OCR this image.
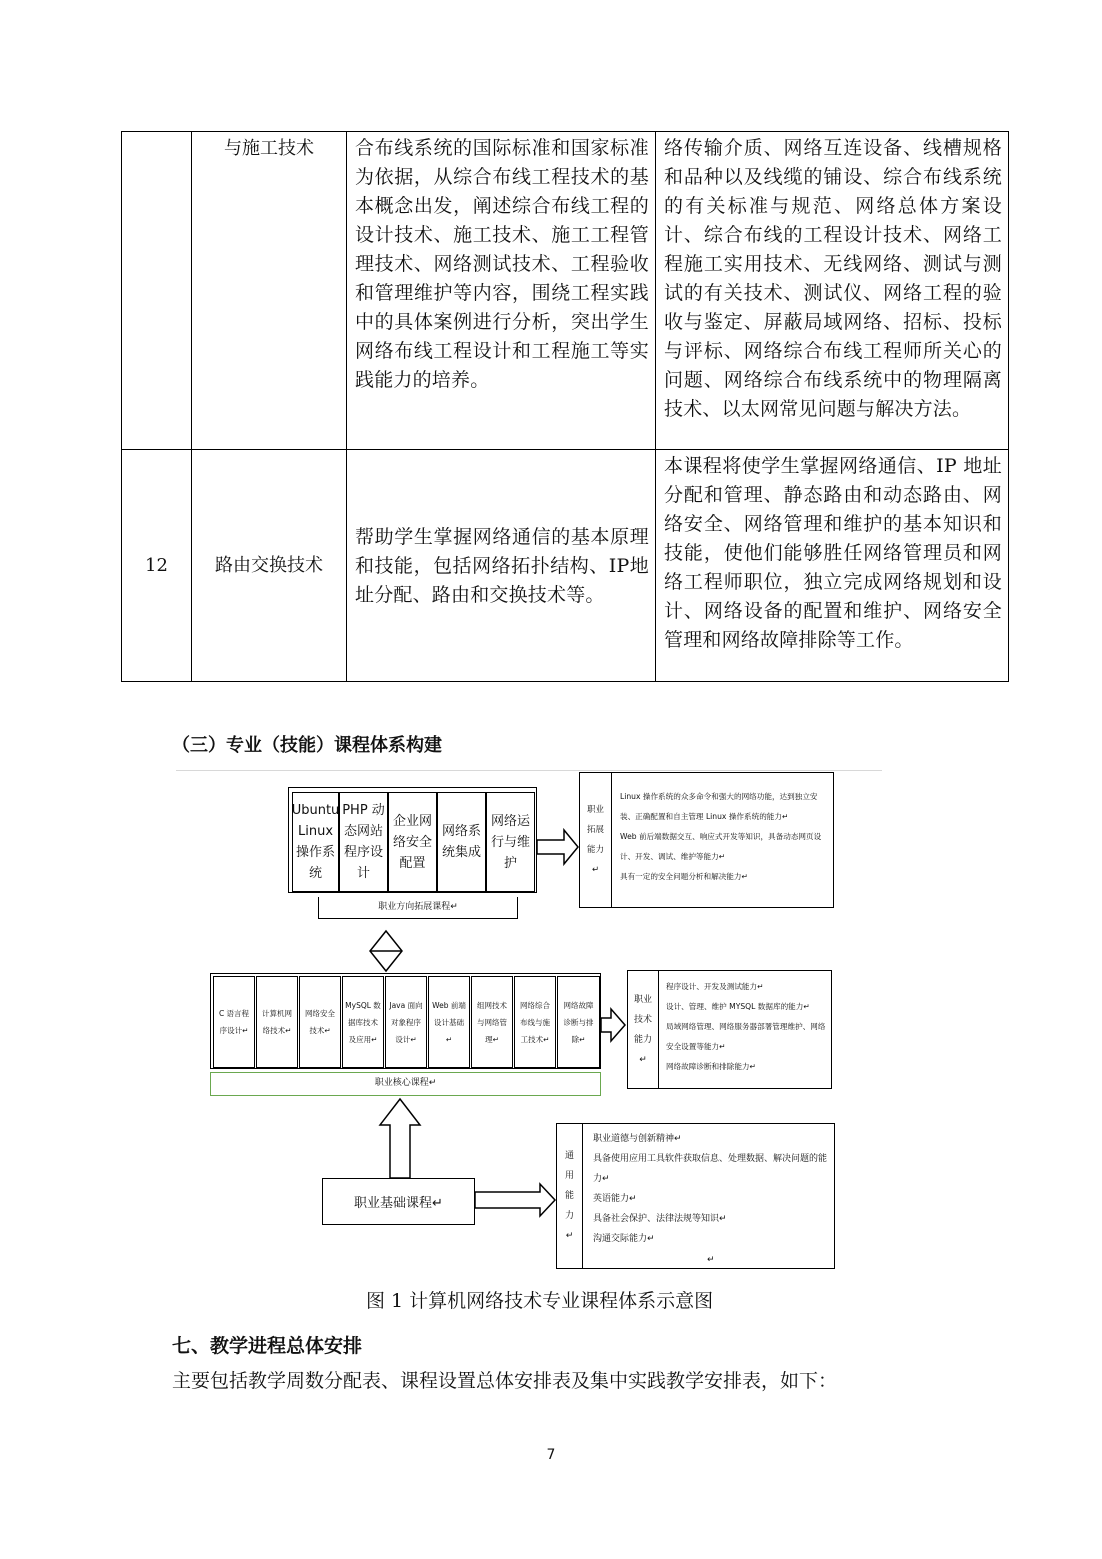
	与施工技术	合布线系统的国际标准和国家标准为依据，从综合布线工程技术的基本概念出发，阐述综合布线工程的设计技术、施工技术、施工工程管理技术、网络测试技术、工程验收和管理维护等内容，围绕工程实践中的具体案例进行分析，突出学生网络布线工程设计和工程施工等实践能力的培养。	络传输介质、网络互连设备、线槽规格和品种以及线缆的铺设、综合布线系统的有关标准与规范、网络总体方案设计、综合布线的工程设计技术、网络工程施工实用技术、无线网络、测试与测试的有关技术、测试仪、网络工程的验收与鉴定、屏蔽局域网络、招标、投标与评标、网络综合布线工程师所关心的问题、网络综合布线系统中的物理隔离技术、以太网常见问题与解决方法。
12	路由交换技术	帮助学生掌握网络通信的基本原理和技能，包括网络拓扑结构、IP地址分配、路由和交换技术等。	本课程将使学生掌握网络通信、IP 地址分配和管理、静态路由和动态路由、网络安全、网络管理和维护的基本知识和技能，使他们能够胜任网络管理员和网络工程师职位，独立完成网络规划和设计、网络设备的配置和维护、网络安全管理和网络故障排除等工作。
（三）专业（技能）课程体系构建
Ubuntu Linux操作系统
PHP 动态网站程序设计
企业网络安全配置
网络系统集成
网络运行与维护
职业方向拓展课程↵
职业拓展能力↵
Linux 操作系统的众多命令和强大的网络功能，达到独立安装、正确配置和自主管理 Linux 操作系统的能力↵
Web 前后端数据交互、响应式开发等知识，具备动态网页设计、开发、调试、维护等能力↵
具有一定的安全问题分析和解决能力↵
C 语言程序设计↵
计算机网络技术↵
网络安全技术↵
MySQL 数据库技术及应用↵
Java 面向对象程序设计↵
Web 前端设计基础↵
组网技术与网络管理↵
网络综合布线与施工技术↵
网络故障诊断与排除↵
职业核心课程↵
职业技术能力↵
程序设计、开发及测试能力↵
设计、管理、维护 MYSQL 数据库的能力↵
局域网络管理、网络服务器部署管理维护、网络安全设置等能力↵
网络故障诊断和排除能力↵
职业基础课程↵
通用能力↵
职业道德与创新精神↵
具备使用应用工具软件获取信息、处理数据、解决问题的能力↵
英语能力↵
具备社会保护、法律法规等知识↵
沟通交际能力↵
↵
图 1 计算机网络技术专业课程体系示意图
七、教学进程总体安排
主要包括教学周数分配表、课程设置总体安排表及集中实践教学安排表，如下：
7
